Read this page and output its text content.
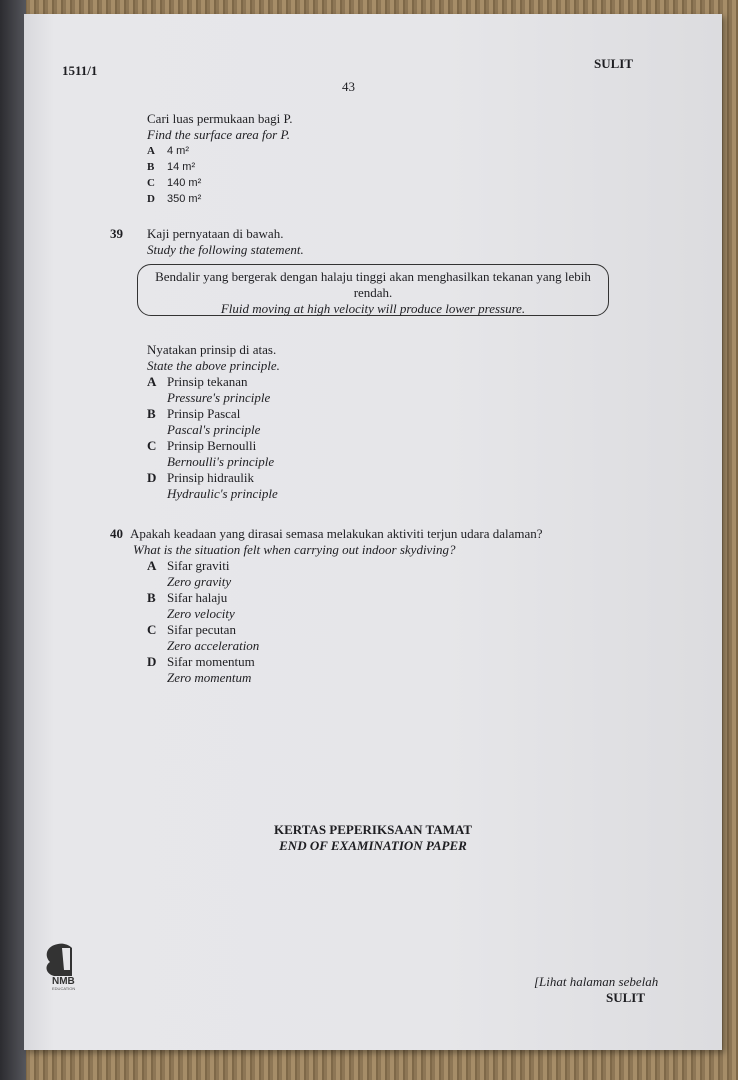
1511/1	SULIT
43
Cari luas permukaan bagi P.
Find the surface area for P.
A	4 m²
B	14 m²
C	140 m²
D	350 m²
39 Kaji pernyataan di bawah.
Study the following statement.
Bendalir yang bergerak dengan halaju tinggi akan menghasilkan tekanan yang lebih rendah.
Fluid moving at high velocity will produce lower pressure.
Nyatakan prinsip di atas.
State the above principle.
A Prinsip tekanan
Pressure's principle
B Prinsip Pascal
Pascal's principle
C Prinsip Bernoulli
Bernoulli's principle
D Prinsip hidraulik
Hydraulic's principle
40 Apakah keadaan yang dirasai semasa melakukan aktiviti terjun udara dalaman?
What is the situation felt when carrying out indoor skydiving?
A Sifar graviti
Zero gravity
B Sifar halaju
Zero velocity
C Sifar pecutan
Zero acceleration
D Sifar momentum
Zero momentum
KERTAS PEPERIKSAAN TAMAT
END OF EXAMINATION PAPER
NMB
EDUCATION	[Lihat halaman sebelah
SULIT
